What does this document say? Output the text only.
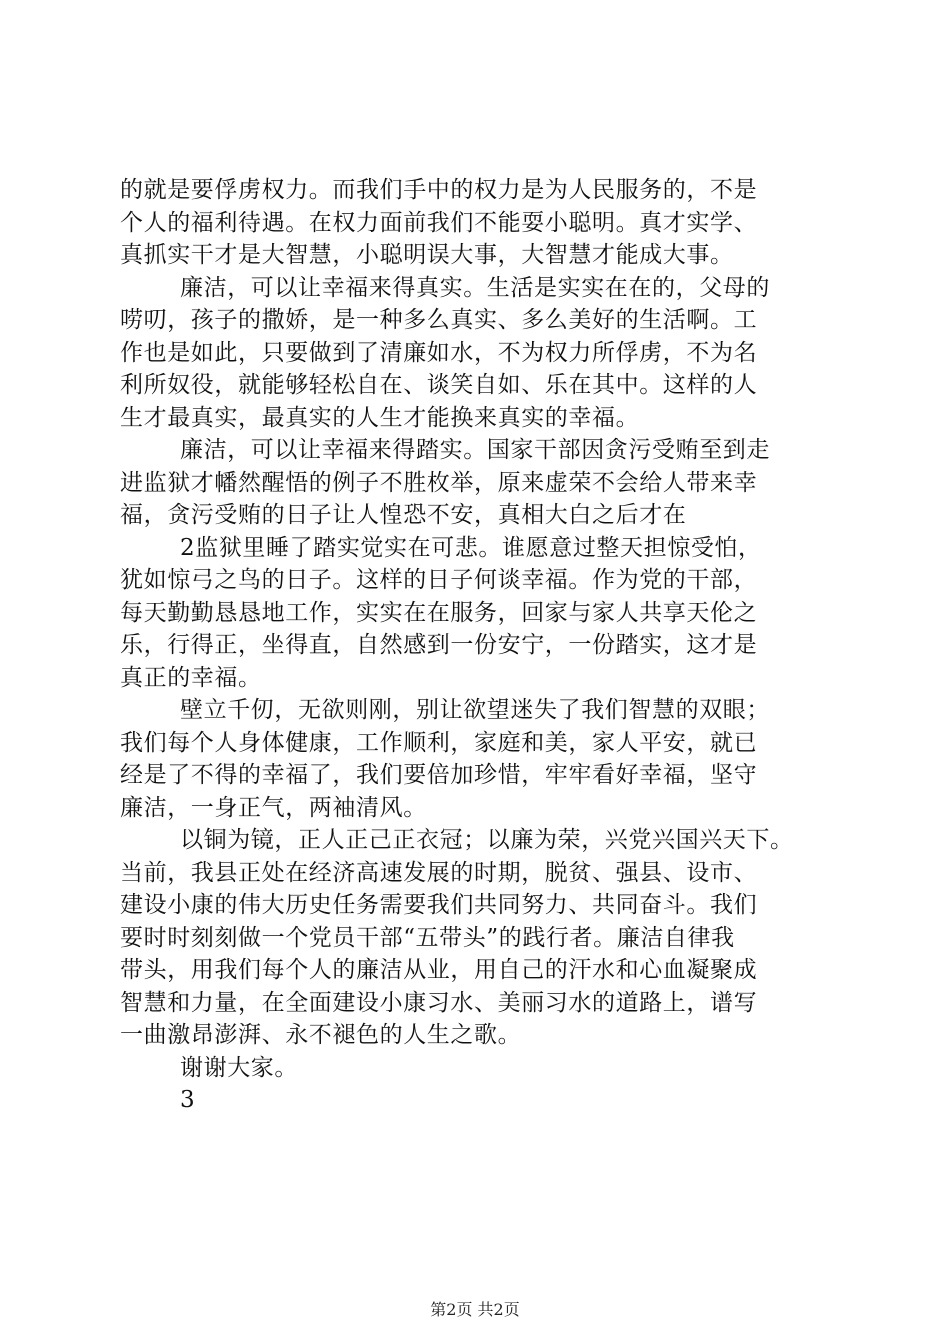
的就是要俘虏权力。而我们手中的权力是为人民服务的，不是
个人的福利待遇。在权力面前我们不能耍小聪明。真才实学、
真抓实干才是大智慧，小聪明误大事，大智慧才能成大事。
廉洁，可以让幸福来得真实。生活是实实在在的，父母的
唠叨，孩子的撒娇，是一种多么真实、多么美好的生活啊。工
作也是如此，只要做到了清廉如水，不为权力所俘虏，不为名
利所奴役，就能够轻松自在、谈笑自如、乐在其中。这样的人
生才最真实，最真实的人生才能换来真实的幸福。
廉洁，可以让幸福来得踏实。国家干部因贪污受贿至到走
进监狱才幡然醒悟的例子不胜枚举，原来虚荣不会给人带来幸
福，贪污受贿的日子让人惶恐不安，真相大白之后才在
2监狱里睡了踏实觉实在可悲。谁愿意过整天担惊受怕，
犹如惊弓之鸟的日子。这样的日子何谈幸福。作为党的干部，
每天勤勤恳恳地工作，实实在在服务，回家与家人共享天伦之
乐，行得正，坐得直，自然感到一份安宁，一份踏实，这才是
真正的幸福。
壁立千仞，无欲则刚，别让欲望迷失了我们智慧的双眼；
我们每个人身体健康，工作顺利，家庭和美，家人平安，就已
经是了不得的幸福了，我们要倍加珍惜，牢牢看好幸福，坚守
廉洁，一身正气，两袖清风。
以铜为镜，正人正己正衣冠；以廉为荣，兴党兴国兴天下。
当前，我县正处在经济高速发展的时期，脱贫、强县、设市、
建设小康的伟大历史任务需要我们共同努力、共同奋斗。我们
要时时刻刻做一个党员干部“五带头”的践行者。廉洁自律我
带头，用我们每个人的廉洁从业，用自己的汗水和心血凝聚成
智慧和力量，在全面建设小康习水、美丽习水的道路上，谱写
一曲激昂澎湃、永不褪色的人生之歌。
谢谢大家。
3
第2页 共2页
